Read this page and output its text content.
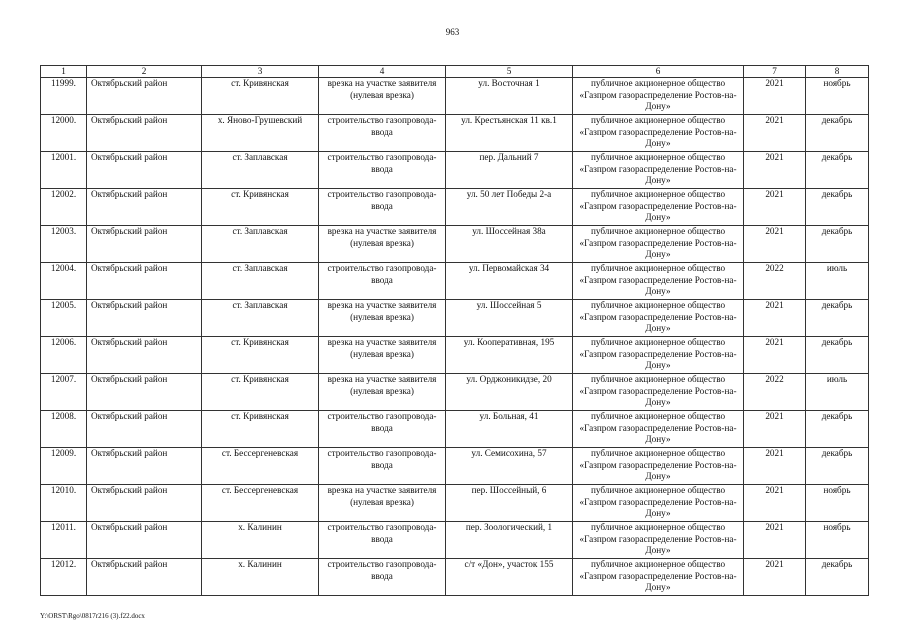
963
1	2	3	4	5	6	7	8
11999.	Октябрьский район	ст. Кривянская	врезка на участке заявителя (нулевая врезка)	ул. Восточная 1	публичное акционерное общество «Газпром газораспределение Ростов-на-Дону»	2021	ноябрь
12000.	Октябрьский район	х. Яново-Грушевский	строительство газопровода-ввода	ул. Крестьянская 11 кв.1	публичное акционерное общество «Газпром газораспределение Ростов-на-Дону»	2021	декабрь
12001.	Октябрьский район	ст. Заплавская	строительство газопровода-ввода	пер. Дальний 7	публичное акционерное общество «Газпром газораспределение Ростов-на-Дону»	2021	декабрь
12002.	Октябрьский район	ст. Кривянская	строительство газопровода-ввода	ул. 50 лет Победы 2-а	публичное акционерное общество «Газпром газораспределение Ростов-на-Дону»	2021	декабрь
12003.	Октябрьский район	ст. Заплавская	врезка на участке заявителя (нулевая врезка)	ул. Шоссейная 38а	публичное акционерное общество «Газпром газораспределение Ростов-на-Дону»	2021	декабрь
12004.	Октябрьский район	ст. Заплавская	строительство газопровода-ввода	ул. Первомайская 34	публичное акционерное общество «Газпром газораспределение Ростов-на-Дону»	2022	июль
12005.	Октябрьский район	ст. Заплавская	врезка на участке заявителя (нулевая врезка)	ул. Шоссейная 5	публичное акционерное общество «Газпром газораспределение Ростов-на-Дону»	2021	декабрь
12006.	Октябрьский район	ст. Кривянская	врезка на участке заявителя (нулевая врезка)	ул. Кооперативная, 195	публичное акционерное общество «Газпром газораспределение Ростов-на-Дону»	2021	декабрь
12007.	Октябрьский район	ст. Кривянская	врезка на участке заявителя (нулевая врезка)	ул. Орджоникидзе, 20	публичное акционерное общество «Газпром газораспределение Ростов-на-Дону»	2022	июль
12008.	Октябрьский район	ст. Кривянская	строительство газопровода-ввода	ул. Больная, 41	публичное акционерное общество «Газпром газораспределение Ростов-на-Дону»	2021	декабрь
12009.	Октябрьский район	ст. Бессергеневская	строительство газопровода-ввода	ул. Семисохина, 57	публичное акционерное общество «Газпром газораспределение Ростов-на-Дону»	2021	декабрь
12010.	Октябрьский район	ст. Бессергеневская	врезка на участке заявителя (нулевая врезка)	пер. Шоссейный, 6	публичное акционерное общество «Газпром газораспределение Ростов-на-Дону»	2021	ноябрь
12011.	Октябрьский район	х. Калинин	строительство газопровода-ввода	пер. Зоологический, 1	публичное акционерное общество «Газпром газораспределение Ростов-на-Дону»	2021	ноябрь
12012.	Октябрьский район	х. Калинин	строительство газопровода-ввода	с/т «Дон», участок 155	публичное акционерное общество «Газпром газораспределение Ростов-на-Дону»	2021	декабрь
Y:\ORST\Rgo\0817r216 (3).f22.docx
